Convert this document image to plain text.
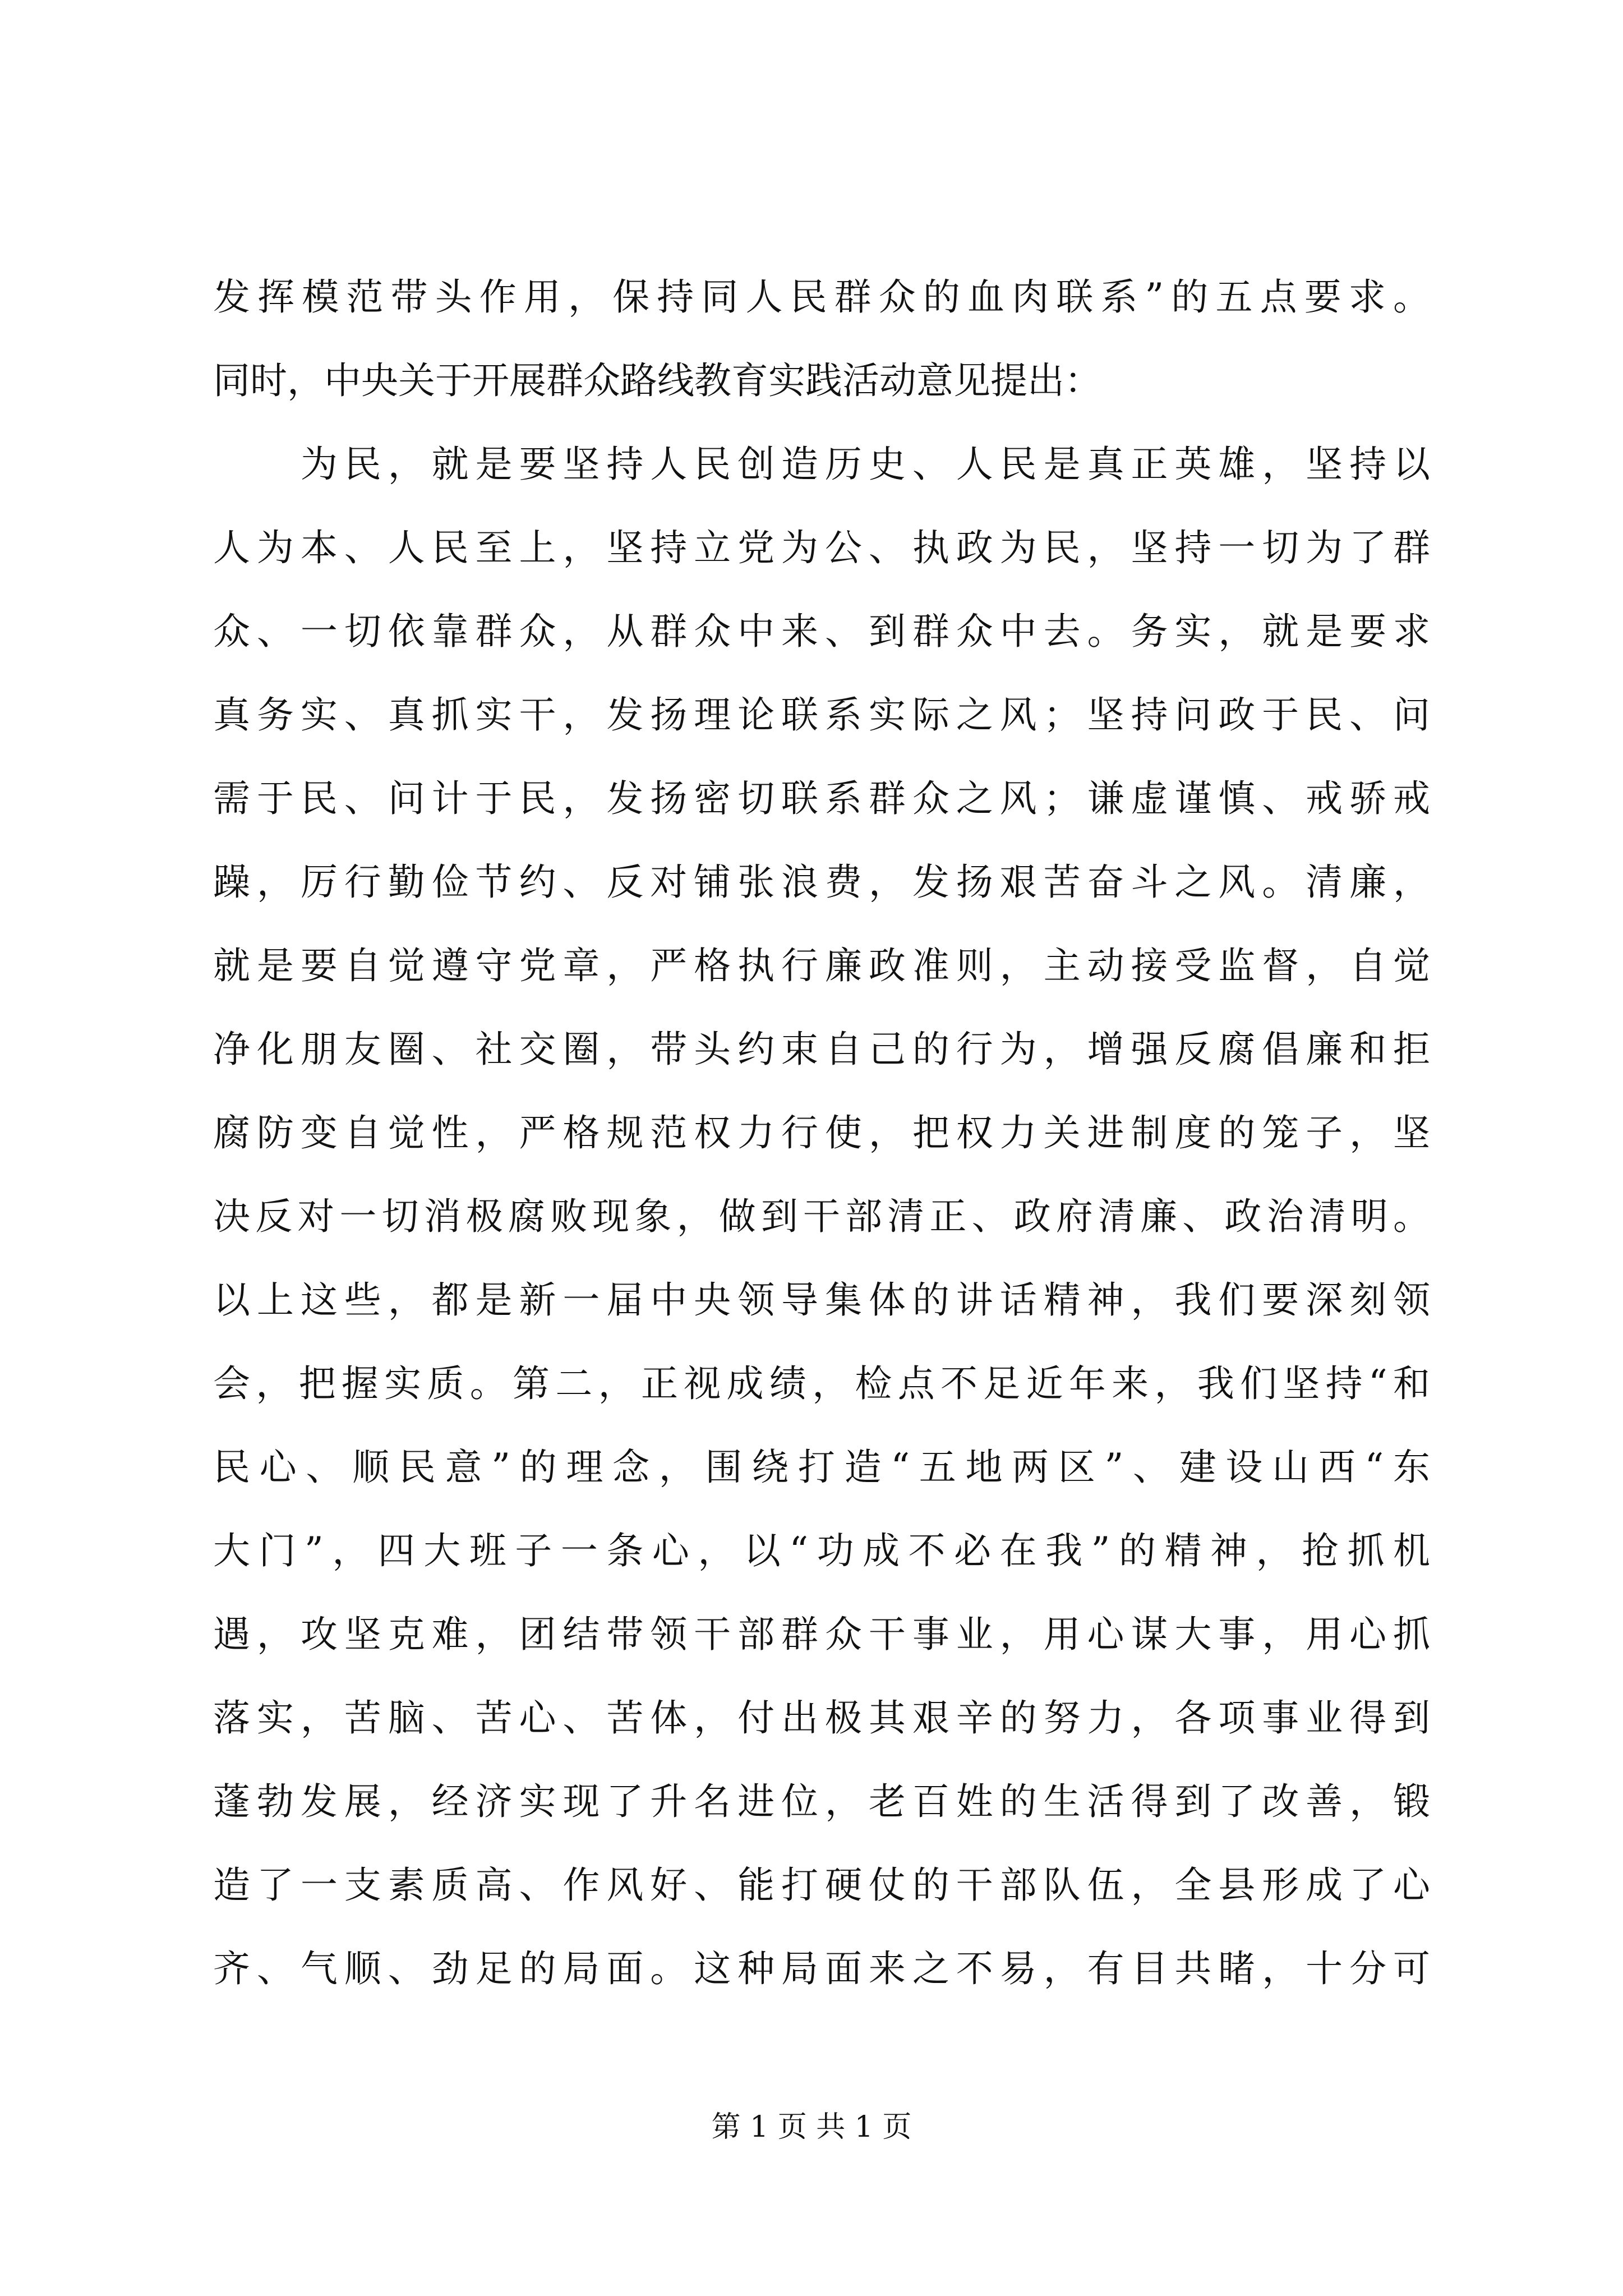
发挥模范带头作用，保持同人民群众的血肉联系”的五点要求。
同时，中央关于开展群众路线教育实践活动意见提出：
　　为民，就是要坚持人民创造历史、人民是真正英雄，坚持以
人为本、人民至上，坚持立党为公、执政为民，坚持一切为了群
众、一切依靠群众，从群众中来、到群众中去。务实，就是要求
真务实、真抓实干，发扬理论联系实际之风；坚持问政于民、问
需于民、问计于民，发扬密切联系群众之风；谦虚谨慎、戒骄戒
躁，厉行勤俭节约、反对铺张浪费，发扬艰苦奋斗之风。清廉，
就是要自觉遵守党章，严格执行廉政准则，主动接受监督，自觉
净化朋友圈、社交圈，带头约束自己的行为，增强反腐倡廉和拒
腐防变自觉性，严格规范权力行使，把权力关进制度的笼子，坚
决反对一切消极腐败现象，做到干部清正、政府清廉、政治清明。
以上这些，都是新一届中央领导集体的讲话精神，我们要深刻领
会，把握实质。第二，正视成绩，检点不足近年来，我们坚持“和
民心、顺民意”的理念，围绕打造“五地两区”、建设山西“东
大门”，四大班子一条心，以“功成不必在我”的精神，抢抓机
遇，攻坚克难，团结带领干部群众干事业，用心谋大事，用心抓
落实，苦脑、苦心、苦体，付出极其艰辛的努力，各项事业得到
蓬勃发展，经济实现了升名进位，老百姓的生活得到了改善，锻
造了一支素质高、作风好、能打硬仗的干部队伍，全县形成了心
齐、气顺、劲足的局面。这种局面来之不易，有目共睹，十分可
第 1 页 共 1 页
